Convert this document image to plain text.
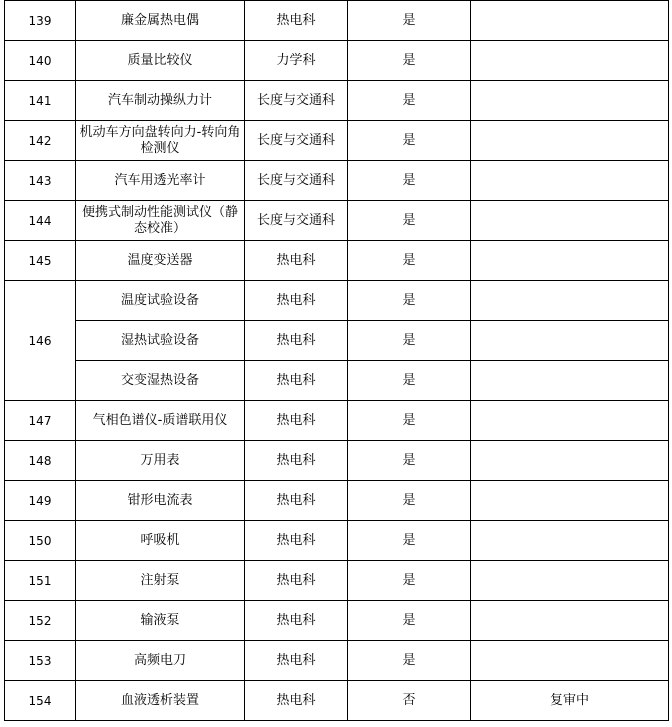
139	廉金属热电偶	热电科	是	
140	质量比较仪	力学科	是	
141	汽车制动操纵力计	长度与交通科	是	
142	机动车方向盘转向力-转向角检测仪	长度与交通科	是	
143	汽车用透光率计	长度与交通科	是	
144	便携式制动性能测试仪（静态校准）	长度与交通科	是	
145	温度变送器	热电科	是	
146	温度试验设备	热电科	是	
	湿热试验设备	热电科	是	
	交变湿热设备	热电科	是	
147	气相色谱仪-质谱联用仪	热电科	是	
148	万用表	热电科	是	
149	钳形电流表	热电科	是	
150	呼吸机	热电科	是	
151	注射泵	热电科	是	
152	输液泵	热电科	是	
153	高频电刀	热电科	是	
154	血液透析装置	热电科	否	复审中
